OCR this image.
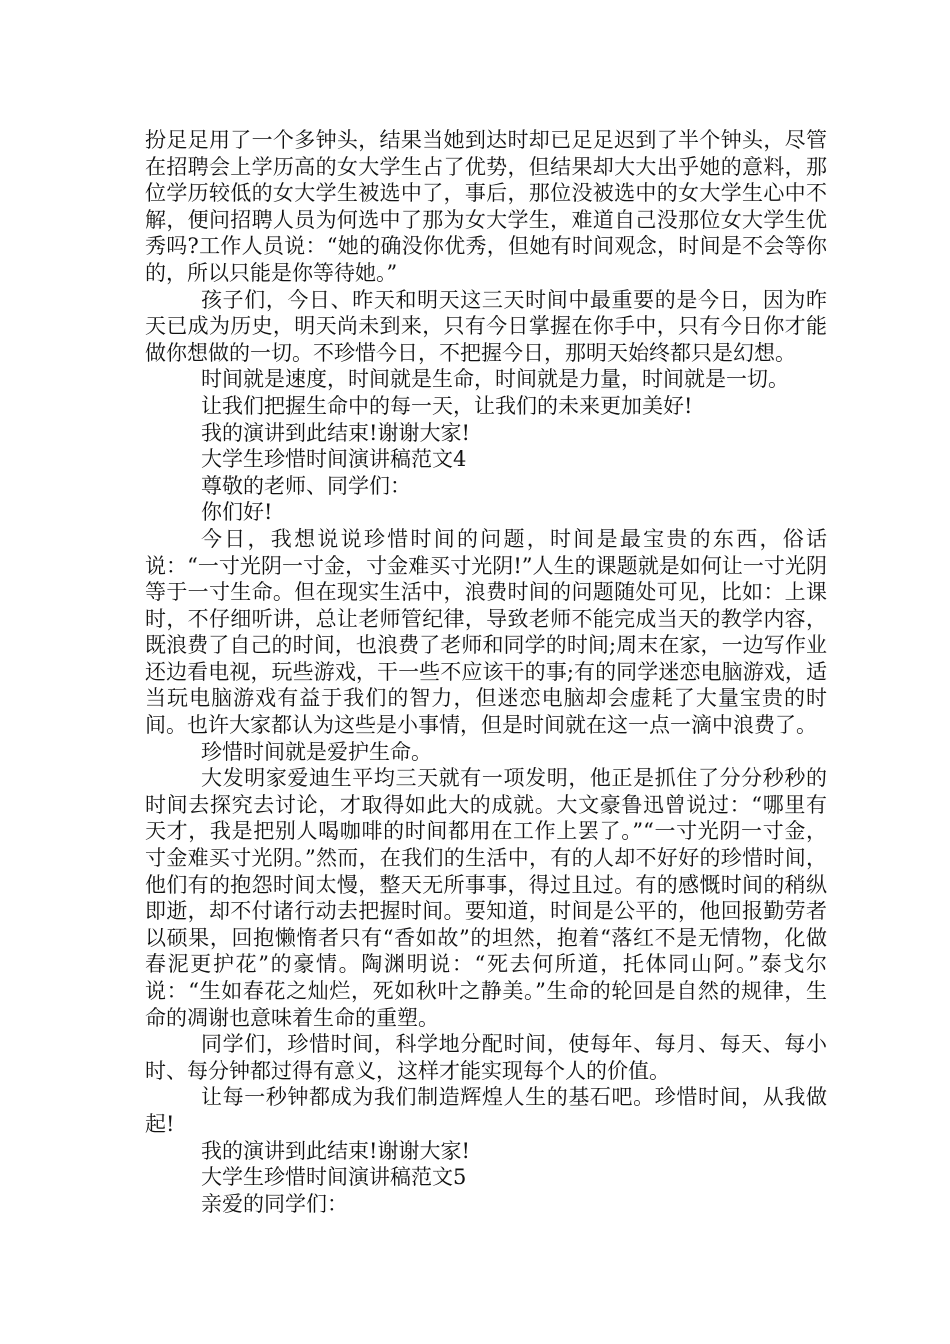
扮足足用了一个多钟头，结果当她到达时却已足足迟到了半个钟头，尽管在招聘会上学历高的女大学生占了优势，但结果却大大出乎她的意料，那位学历较低的女大学生被选中了，事后，那位没被选中的女大学生心中不解，便问招聘人员为何选中了那为女大学生，难道自己没那位女大学生优秀吗?工作人员说：“她的确没你优秀，但她有时间观念，时间是不会等你的，所以只能是你等待她。”

孩子们，今日、昨天和明天这三天时间中最重要的是今日，因为昨天已成为历史，明天尚未到来，只有今日掌握在你手中，只有今日你才能做你想做的一切。不珍惜今日，不把握今日，那明天始终都只是幻想。

时间就是速度，时间就是生命，时间就是力量，时间就是一切。

让我们把握生命中的每一天，让我们的未来更加美好!

我的演讲到此结束!谢谢大家!

大学生珍惜时间演讲稿范文4

尊敬的老师、同学们：

你们好!

今日，我想说说珍惜时间的问题，时间是最宝贵的东西，俗话说：“一寸光阴一寸金，寸金难买寸光阴!”人生的课题就是如何让一寸光阴等于一寸生命。但在现实生活中，浪费时间的问题随处可见，比如：上课时，不仔细听讲，总让老师管纪律，导致老师不能完成当天的教学内容，既浪费了自己的时间，也浪费了老师和同学的时间;周末在家，一边写作业还边看电视，玩些游戏，干一些不应该干的事;有的同学迷恋电脑游戏，适当玩电脑游戏有益于我们的智力，但迷恋电脑却会虚耗了大量宝贵的时间。也许大家都认为这些是小事情，但是时间就在这一点一滴中浪费了。

珍惜时间就是爱护生命。

大发明家爱迪生平均三天就有一项发明，他正是抓住了分分秒秒的时间去探究去讨论，才取得如此大的成就。大文豪鲁迅曾说过：“哪里有天才，我是把别人喝咖啡的时间都用在工作上罢了。”“一寸光阴一寸金，寸金难买寸光阴。”然而，在我们的生活中，有的人却不好好的珍惜时间，他们有的抱怨时间太慢，整天无所事事，得过且过。有的感慨时间的稍纵即逝，却不付诸行动去把握时间。要知道，时间是公平的，他回报勤劳者以硕果，回抱懒惰者只有“香如故”的坦然，抱着“落红不是无情物，化做春泥更护花”的豪情。陶渊明说：“死去何所道，托体同山阿。”泰戈尔说：“生如春花之灿烂，死如秋叶之静美。”生命的轮回是自然的规律，生命的凋谢也意味着生命的重塑。

同学们，珍惜时间，科学地分配时间，使每年、每月、每天、每小时、每分钟都过得有意义，这样才能实现每个人的价值。

让每一秒钟都成为我们制造辉煌人生的基石吧。珍惜时间，从我做起!

我的演讲到此结束!谢谢大家!

大学生珍惜时间演讲稿范文5

亲爱的同学们：
